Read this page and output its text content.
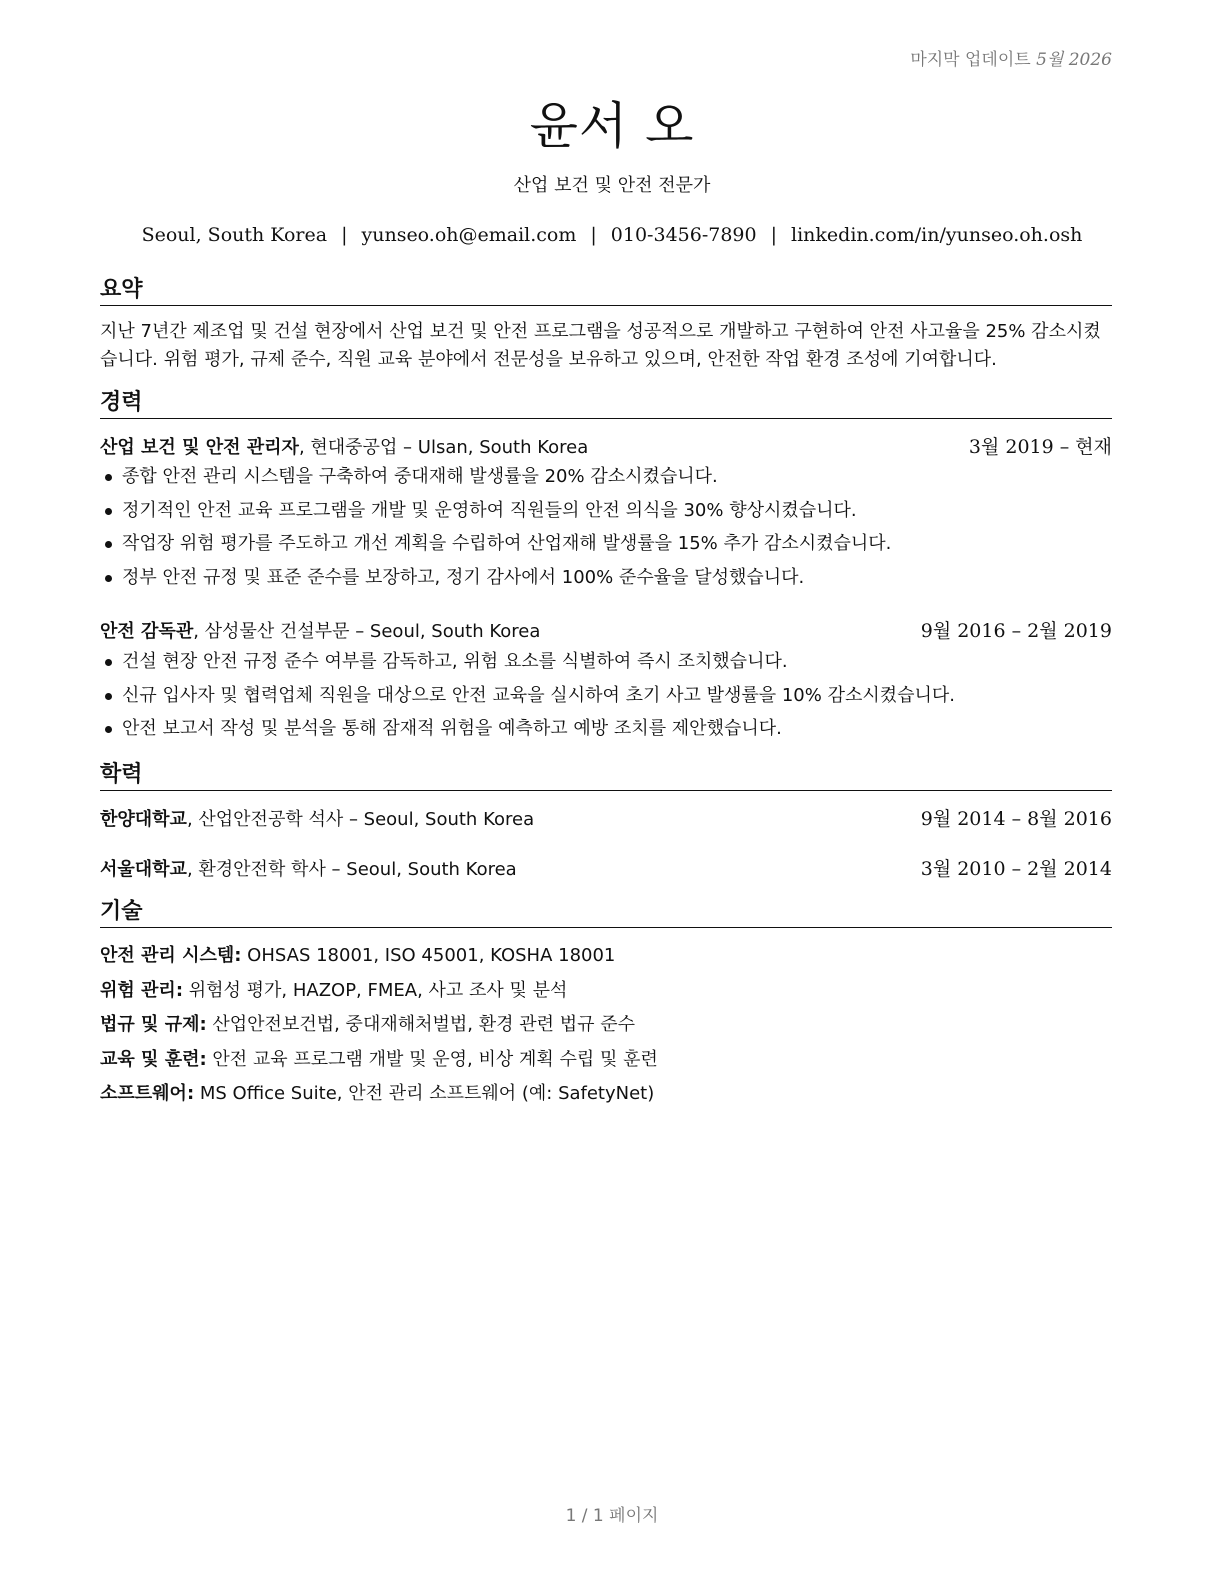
마지막 업데이트 5월 2026
윤서 오
산업 보건 및 안전 전문가
Seoul, South Korea | yunseo.oh@email.com | 010-3456-7890 | linkedin.com/in/yunseo.oh.osh
요약
지난 7년간 제조업 및 건설 현장에서 산업 보건 및 안전 프로그램을 성공적으로 개발하고 구현하여 안전 사고율을 25% 감소시켰습니다. 위험 평가, 규제 준수, 직원 교육 분야에서 전문성을 보유하고 있으며, 안전한 작업 환경 조성에 기여합니다.
경력
산업 보건 및 안전 관리자, 현대중공업 – Ulsan, South Korea	3월 2019 – 현재
종합 안전 관리 시스템을 구축하여 중대재해 발생률을 20% 감소시켰습니다.
정기적인 안전 교육 프로그램을 개발 및 운영하여 직원들의 안전 의식을 30% 향상시켰습니다.
작업장 위험 평가를 주도하고 개선 계획을 수립하여 산업재해 발생률을 15% 추가 감소시켰습니다.
정부 안전 규정 및 표준 준수를 보장하고, 정기 감사에서 100% 준수율을 달성했습니다.
안전 감독관, 삼성물산 건설부문 – Seoul, South Korea	9월 2016 – 2월 2019
건설 현장 안전 규정 준수 여부를 감독하고, 위험 요소를 식별하여 즉시 조치했습니다.
신규 입사자 및 협력업체 직원을 대상으로 안전 교육을 실시하여 초기 사고 발생률을 10% 감소시켰습니다.
안전 보고서 작성 및 분석을 통해 잠재적 위험을 예측하고 예방 조치를 제안했습니다.
학력
한양대학교, 산업안전공학 석사 – Seoul, South Korea	9월 2014 – 8월 2016
서울대학교, 환경안전학 학사 – Seoul, South Korea	3월 2010 – 2월 2014
기술
안전 관리 시스템: OHSAS 18001, ISO 45001, KOSHA 18001
위험 관리: 위험성 평가, HAZOP, FMEA, 사고 조사 및 분석
법규 및 규제: 산업안전보건법, 중대재해처벌법, 환경 관련 법규 준수
교육 및 훈련: 안전 교육 프로그램 개발 및 운영, 비상 계획 수립 및 훈련
소프트웨어: MS Office Suite, 안전 관리 소프트웨어 (예: SafetyNet)
1 / 1 페이지
